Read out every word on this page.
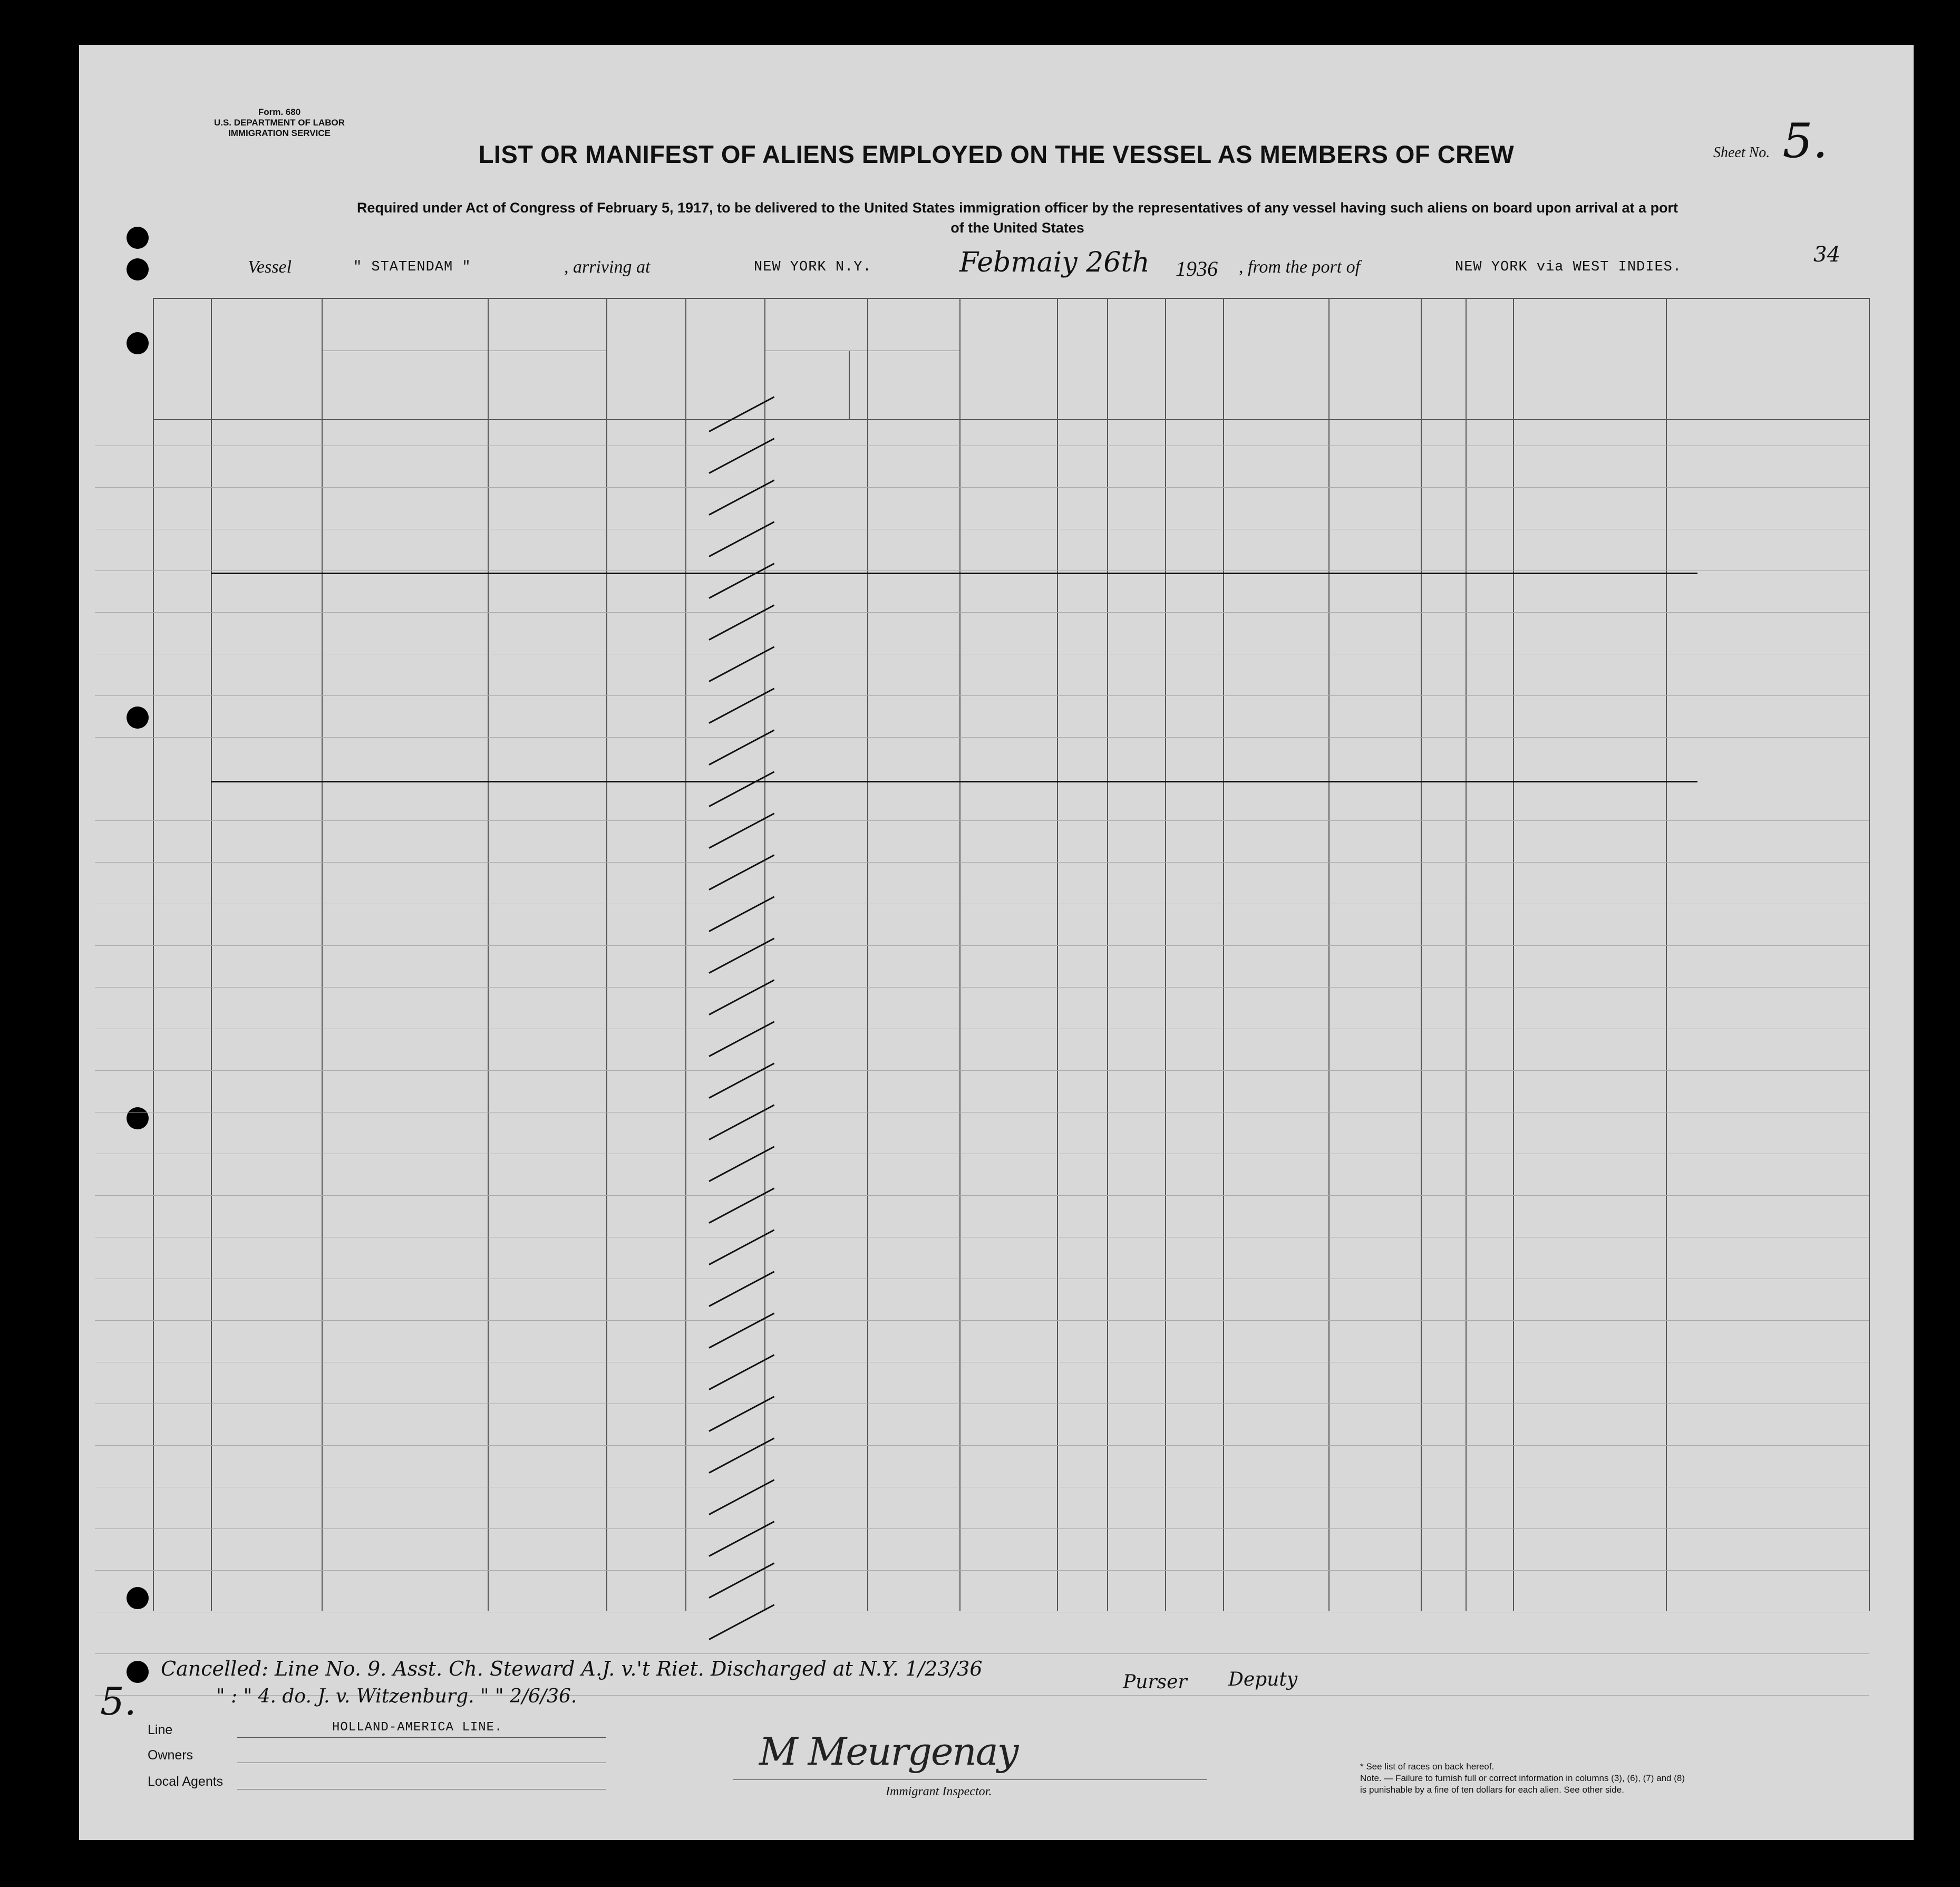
Form. 680
U.S. DEPARTMENT OF LABOR
IMMIGRATION SERVICE
Sheet No. 5.
LIST OR MANIFEST OF ALIENS EMPLOYED ON THE VESSEL AS MEMBERS OF CREW
Required under Act of Congress of February 5, 1917, to be delivered to the United States immigration officer by the representatives of any vessel having such aliens on board upon arrival at a port
of the United States
Vessel	" STATENDAM "	, arriving at	NEW YORK N.Y.	Febmaiy 26th 1936 , from the port of	NEW YORK via WEST INDIES.
34
Cancelled: Line No. 9. Asst. Ch. Steward A.J. v.'t Riet. Discharged at N.Y. 1/23/36
" : " 4. do. J. v. Witzenburg. " " 2/6/36.
Purser Deputy
5.
Line	HOLLAND-AMERICA LINE.
Owners
Local Agents
M Meurgenay
Immigrant Inspector.
* See list of races on back hereof.
Note. — Failure to furnish full or correct information in columns (3), (6), (7) and (8)
is punishable by a fine of ten dollars for each alien. See other side.
